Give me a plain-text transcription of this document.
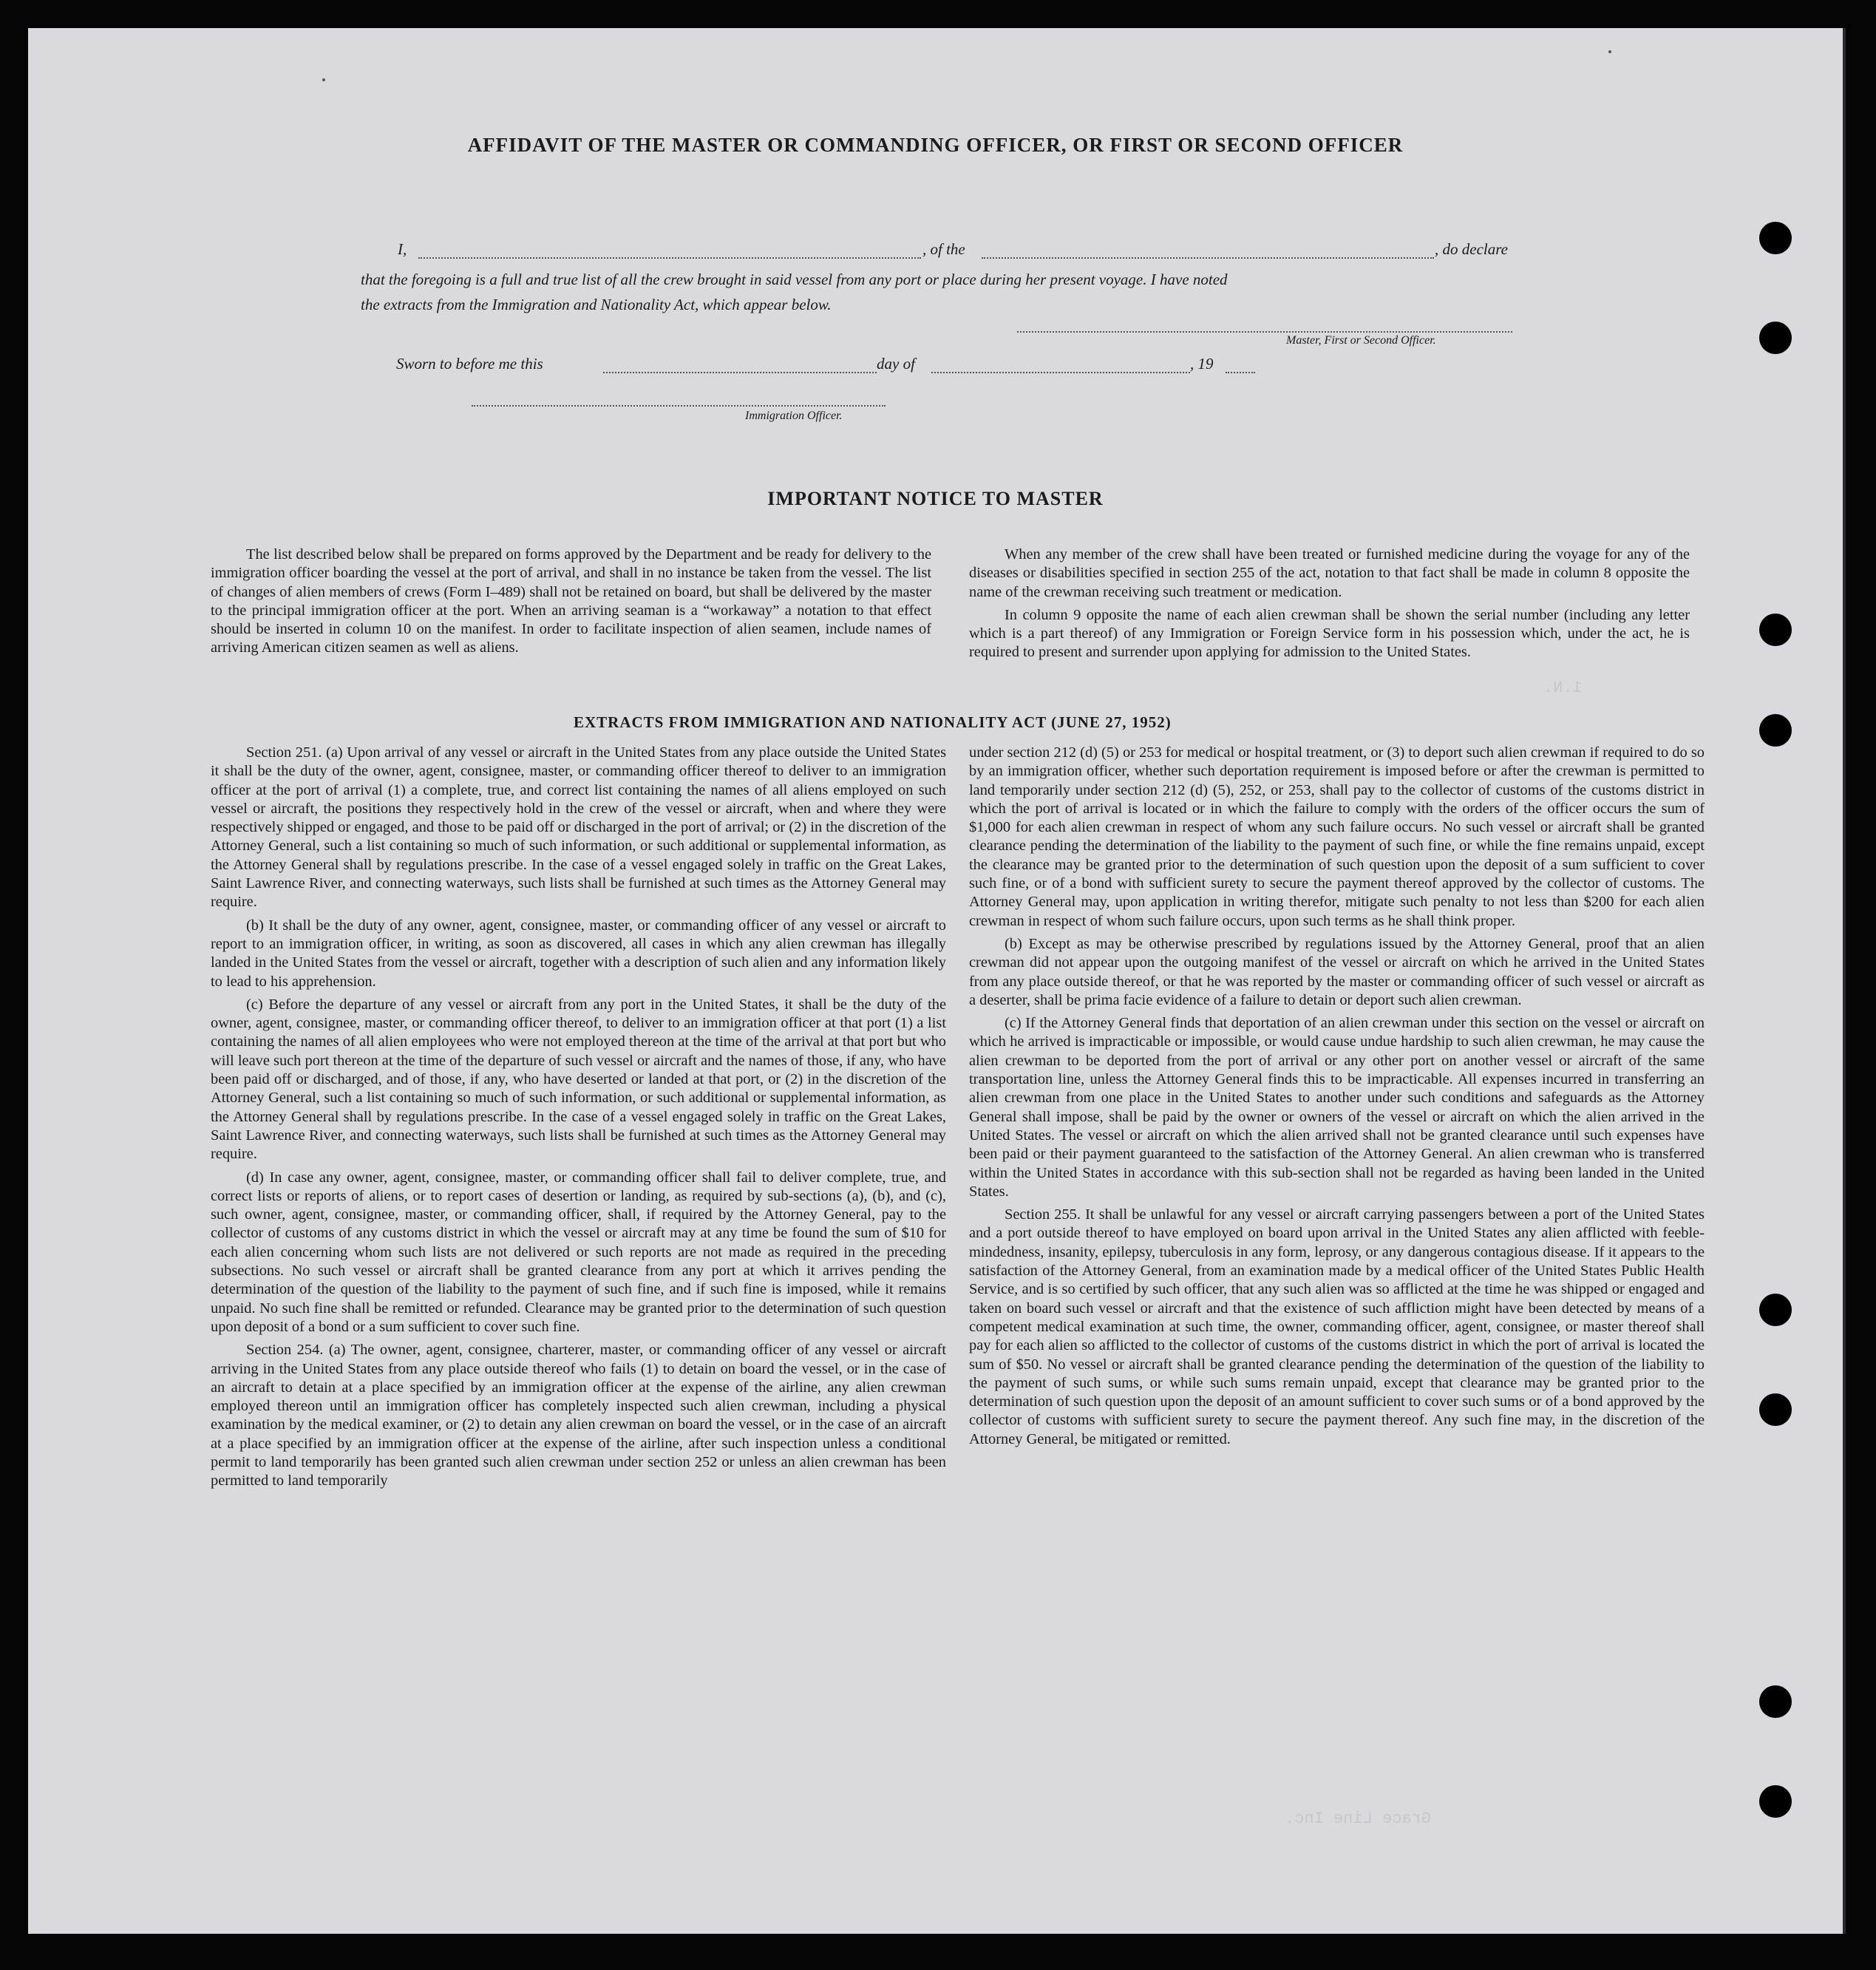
Grace Line Inc.
1.N.
AFFIDAVIT OF THE MASTER OR COMMANDING OFFICER, OR FIRST OR SECOND OFFICER
I,	, of the	, do declare
that the foregoing is a full and true list of all the crew brought in said vessel from any port or place during her present voyage. I have noted
the extracts from the Immigration and Nationality Act, which appear below.
Master, First or Second Officer.
Sworn to before me this	day of	, 19
Immigration Officer.
IMPORTANT NOTICE TO MASTER

The list described below shall be prepared on forms approved by the Department and be ready for delivery to the immigration officer boarding the vessel at the port of arrival, and shall in no instance be taken from the vessel. The list of changes of alien members of crews (Form I–489) shall not be retained on board, but shall be delivered by the master to the principal immigration officer at the port. When an arriving seaman is a “workaway” a notation to that effect should be inserted in column 10 on the manifest. In order to facilitate inspection of alien seamen, include names of arriving American citizen seamen as well as aliens.

When any member of the crew shall have been treated or furnished medicine during the voyage for any of the diseases or disabilities specified in section 255 of the act, notation to that fact shall be made in column 8 opposite the name of the crewman receiving such treatment or medication.

In column 9 opposite the name of each alien crewman shall be shown the serial number (including any letter which is a part thereof) of any Immigration or Foreign Service form in his possession which, under the act, he is required to present and surrender upon applying for admission to the United States.

EXTRACTS FROM IMMIGRATION AND NATIONALITY ACT (JUNE 27, 1952)

Section 251. (a) Upon arrival of any vessel or aircraft in the United States from any place outside the United States it shall be the duty of the owner, agent, consignee, master, or commanding officer thereof to deliver to an immigration officer at the port of arrival (1) a complete, true, and correct list containing the names of all aliens employed on such vessel or aircraft, the positions they respectively hold in the crew of the vessel or aircraft, when and where they were respectively shipped or engaged, and those to be paid off or discharged in the port of arrival; or (2) in the discretion of the Attorney General, such a list containing so much of such information, or such additional or supplemental information, as the Attorney General shall by regulations prescribe. In the case of a vessel engaged solely in traffic on the Great Lakes, Saint Lawrence River, and connecting waterways, such lists shall be furnished at such times as the Attorney General may require.

(b) It shall be the duty of any owner, agent, consignee, master, or commanding officer of any vessel or aircraft to report to an immigration officer, in writing, as soon as discovered, all cases in which any alien crewman has illegally landed in the United States from the vessel or aircraft, together with a description of such alien and any information likely to lead to his apprehension.

(c) Before the departure of any vessel or aircraft from any port in the United States, it shall be the duty of the owner, agent, consignee, master, or commanding officer thereof, to deliver to an immigration officer at that port (1) a list containing the names of all alien employees who were not employed thereon at the time of the arrival at that port but who will leave such port thereon at the time of the departure of such vessel or aircraft and the names of those, if any, who have been paid off or discharged, and of those, if any, who have deserted or landed at that port, or (2) in the discretion of the Attorney General, such a list containing so much of such information, or such additional or supplemental information, as the Attorney General shall by regulations prescribe. In the case of a vessel engaged solely in traffic on the Great Lakes, Saint Lawrence River, and connecting waterways, such lists shall be furnished at such times as the Attorney General may require.

(d) In case any owner, agent, consignee, master, or commanding officer shall fail to deliver complete, true, and correct lists or reports of aliens, or to report cases of desertion or landing, as required by sub-sections (a), (b), and (c), such owner, agent, consignee, master, or commanding officer, shall, if required by the Attorney General, pay to the collector of customs of any customs district in which the vessel or aircraft may at any time be found the sum of $10 for each alien concerning whom such lists are not delivered or such reports are not made as required in the preceding subsections. No such vessel or aircraft shall be granted clearance from any port at which it arrives pending the determination of the question of the liability to the payment of such fine, and if such fine is imposed, while it remains unpaid. No such fine shall be remitted or refunded. Clearance may be granted prior to the determination of such question upon deposit of a bond or a sum sufficient to cover such fine.

Section 254. (a) The owner, agent, consignee, charterer, master, or commanding officer of any vessel or aircraft arriving in the United States from any place outside thereof who fails (1) to detain on board the vessel, or in the case of an aircraft to detain at a place specified by an immigration officer at the expense of the airline, any alien crewman employed thereon until an immigration officer has completely inspected such alien crewman, including a physical examination by the medical examiner, or (2) to detain any alien crewman on board the vessel, or in the case of an aircraft at a place specified by an immigration officer at the expense of the airline, after such inspection unless a conditional permit to land temporarily has been granted such alien crewman under section 252 or unless an alien crewman has been permitted to land temporarily

under section 212 (d) (5) or 253 for medical or hospital treatment, or (3) to deport such alien crewman if required to do so by an immigration officer, whether such deportation requirement is imposed before or after the crewman is permitted to land temporarily under section 212 (d) (5), 252, or 253, shall pay to the collector of customs of the customs district in which the port of arrival is located or in which the failure to comply with the orders of the officer occurs the sum of $1,000 for each alien crewman in respect of whom any such failure occurs. No such vessel or aircraft shall be granted clearance pending the determination of the liability to the payment of such fine, or while the fine remains unpaid, except the clearance may be granted prior to the determination of such question upon the deposit of a sum sufficient to cover such fine, or of a bond with sufficient surety to secure the payment thereof approved by the collector of customs. The Attorney General may, upon application in writing therefor, mitigate such penalty to not less than $200 for each alien crewman in respect of whom such failure occurs, upon such terms as he shall think proper.

(b) Except as may be otherwise prescribed by regulations issued by the Attorney General, proof that an alien crewman did not appear upon the outgoing manifest of the vessel or aircraft on which he arrived in the United States from any place outside thereof, or that he was reported by the master or commanding officer of such vessel or aircraft as a deserter, shall be prima facie evidence of a failure to detain or deport such alien crewman.

(c) If the Attorney General finds that deportation of an alien crewman under this section on the vessel or aircraft on which he arrived is impracticable or impossible, or would cause undue hardship to such alien crewman, he may cause the alien crewman to be deported from the port of arrival or any other port on another vessel or aircraft of the same transportation line, unless the Attorney General finds this to be impracticable. All expenses incurred in transferring an alien crewman from one place in the United States to another under such conditions and safeguards as the Attorney General shall impose, shall be paid by the owner or owners of the vessel or aircraft on which the alien arrived in the United States. The vessel or aircraft on which the alien arrived shall not be granted clearance until such expenses have been paid or their payment guaranteed to the satisfaction of the Attorney General. An alien crewman who is transferred within the United States in accordance with this sub-section shall not be regarded as having been landed in the United States.

Section 255. It shall be unlawful for any vessel or aircraft carrying passengers between a port of the United States and a port outside thereof to have employed on board upon arrival in the United States any alien afflicted with feeble-mindedness, insanity, epilepsy, tuberculosis in any form, leprosy, or any dangerous contagious disease. If it appears to the satisfaction of the Attorney General, from an examination made by a medical officer of the United States Public Health Service, and is so certified by such officer, that any such alien was so afflicted at the time he was shipped or engaged and taken on board such vessel or aircraft and that the existence of such affliction might have been detected by means of a competent medical examination at such time, the owner, commanding officer, agent, consignee, or master thereof shall pay for each alien so afflicted to the collector of customs of the customs district in which the port of arrival is located the sum of $50. No vessel or aircraft shall be granted clearance pending the determination of the question of the liability to the payment of such sums, or while such sums remain unpaid, except that clearance may be granted prior to the determination of such question upon the deposit of an amount sufficient to cover such sums or of a bond approved by the collector of customs with sufficient surety to secure the payment thereof. Any such fine may, in the discretion of the Attorney General, be mitigated or remitted.
